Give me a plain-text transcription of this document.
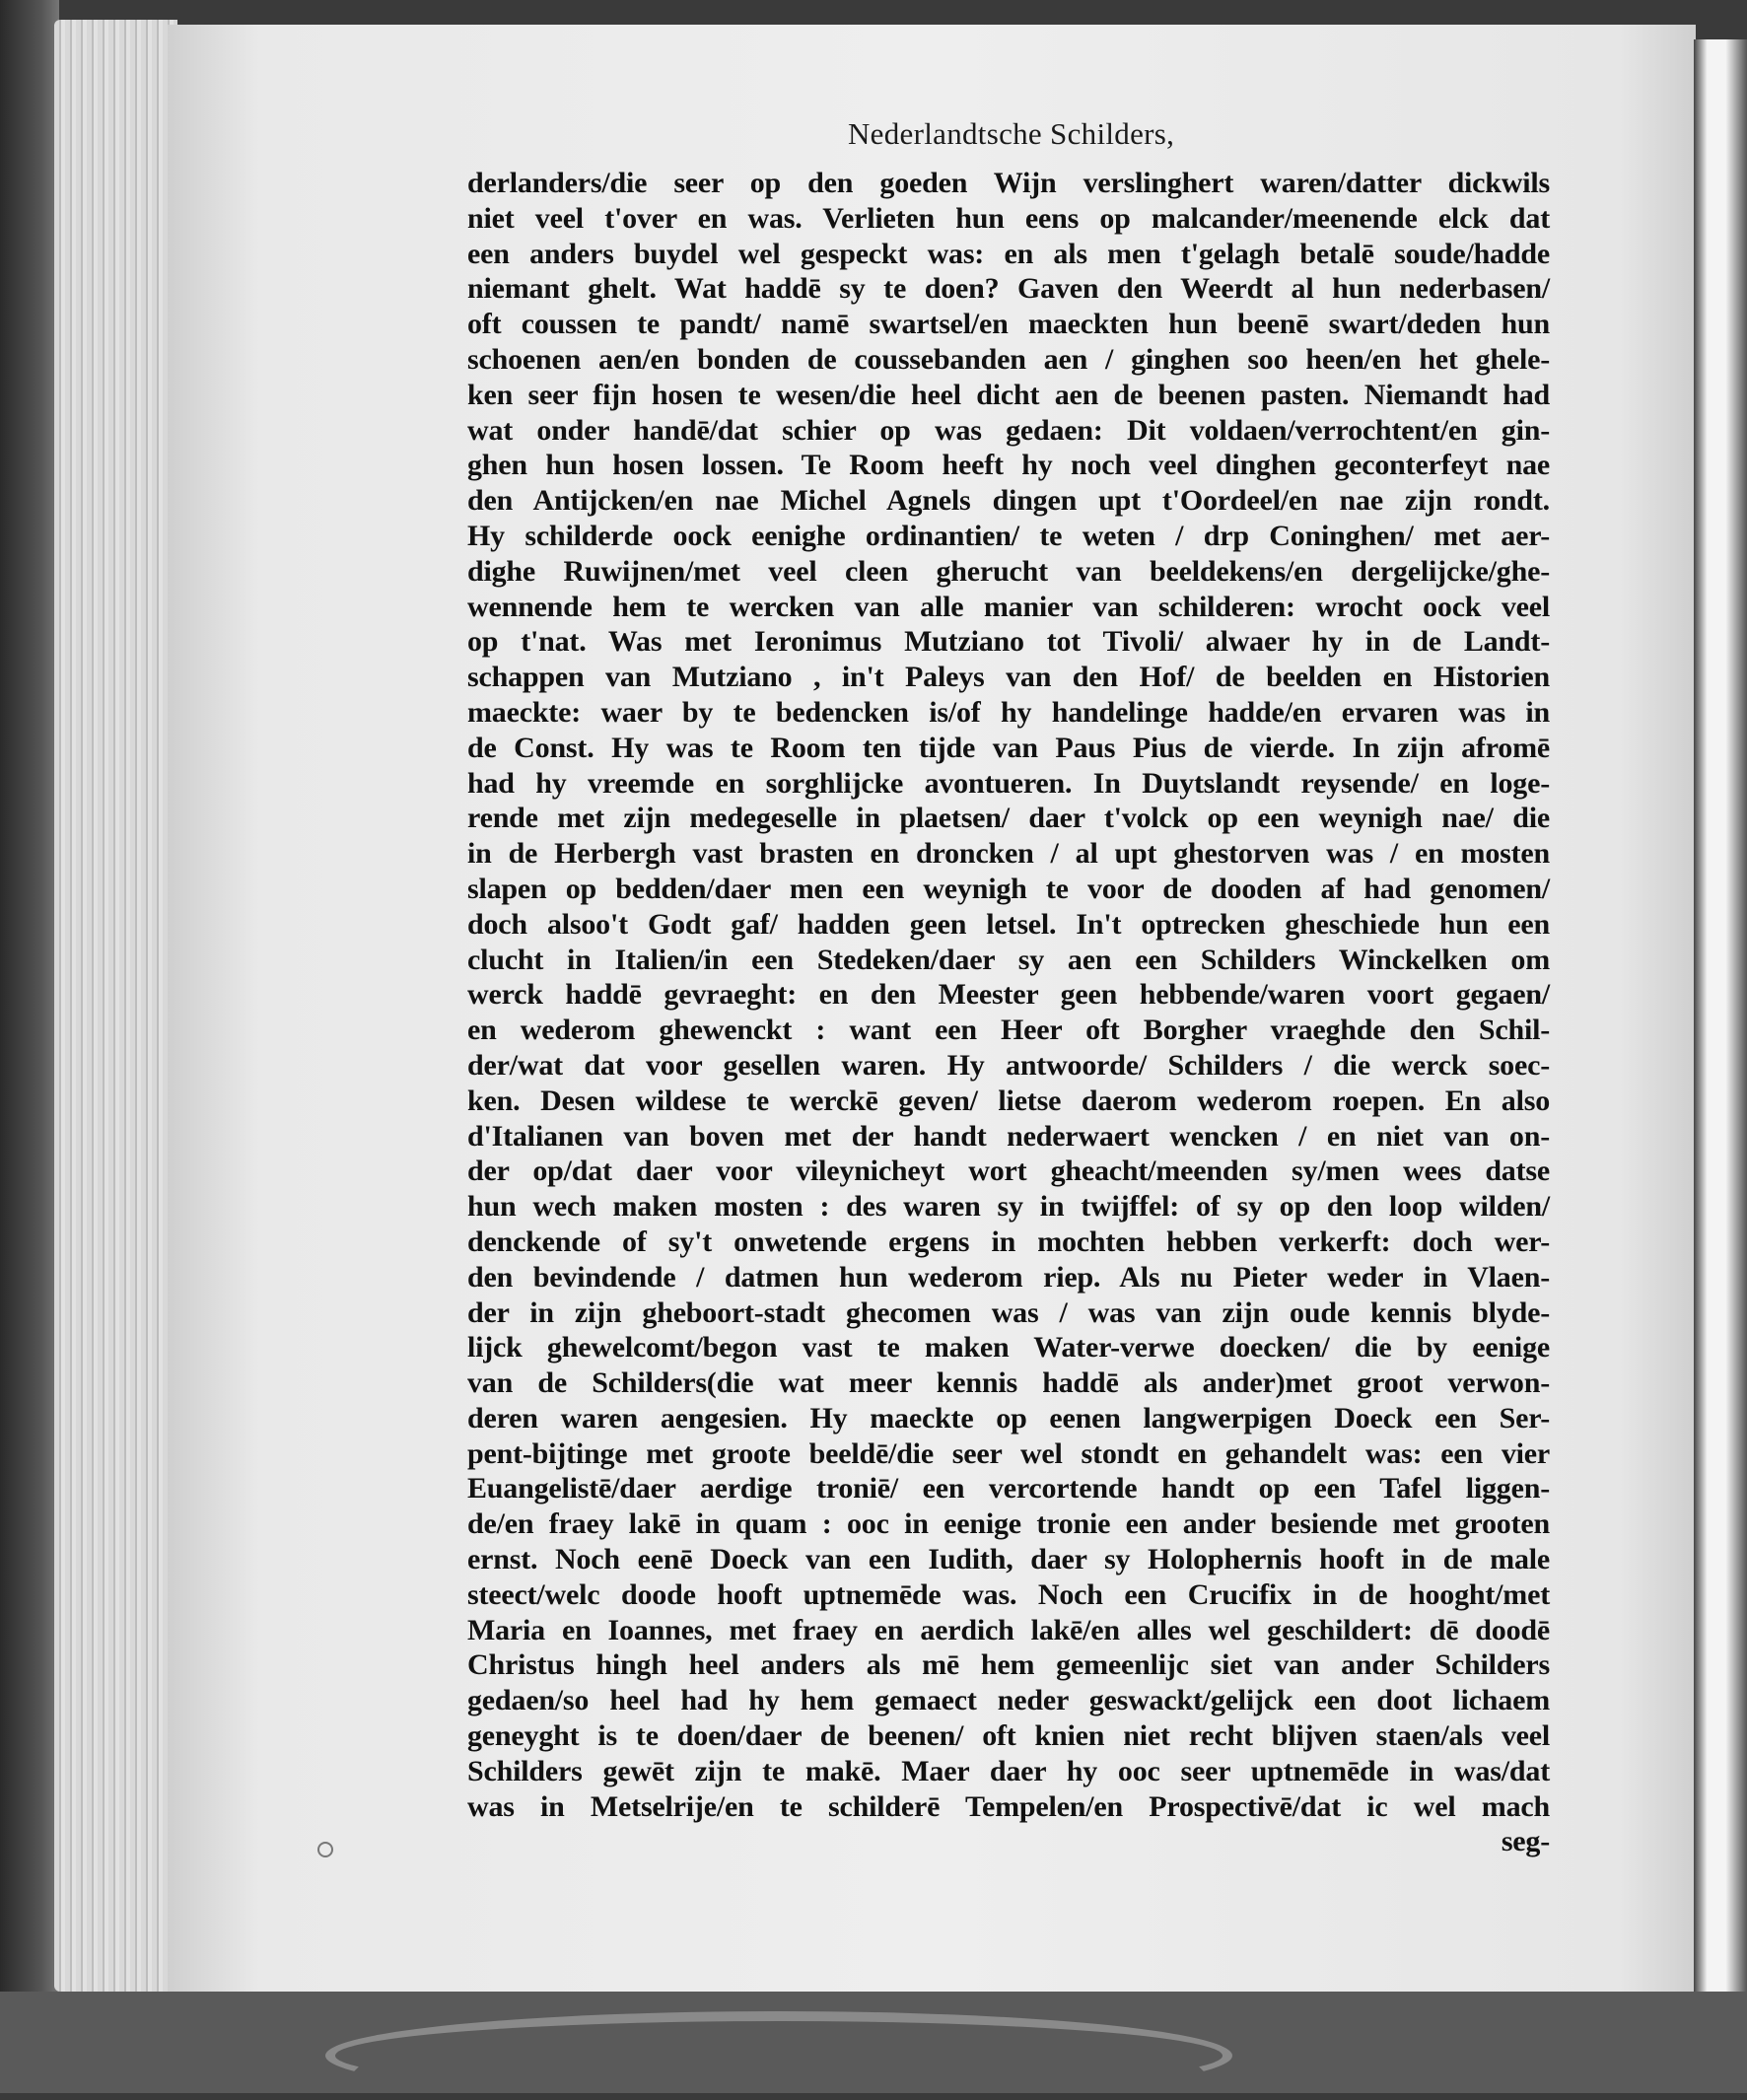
Nederlandtsche Schilders,
derlanders/die seer op den goeden Wijn verslinghert waren/datter dickwils
niet veel t'over en was. Verlieten hun eens op malcander/meenende elck dat
een anders buydel wel gespeckt was: en als men t'gelagh betalē soude/hadde
niemant ghelt. Wat haddē sy te doen? Gaven den Weerdt al hun nederbasen/
oft coussen te pandt/ namē swartsel/en maeckten hun beenē swart/deden hun
schoenen aen/en bonden de coussebanden aen / ginghen soo heen/en het ghele-
ken seer fijn hosen te wesen/die heel dicht aen de beenen pasten. Niemandt had
wat onder handē/dat schier op was gedaen: Dit voldaen/verrochtent/en gin-
ghen hun hosen lossen. Te Room heeft hy noch veel dinghen geconterfeyt nae
den Antijcken/en nae Michel Agnels dingen upt t'Oordeel/en nae zijn rondt.
Hy schilderde oock eenighe ordinantien/ te weten / drp Coninghen/ met aer-
dighe Ruwijnen/met veel cleen gherucht van beeldekens/en dergelijcke/ghe-
wennende hem te wercken van alle manier van schilderen: wrocht oock veel
op t'nat. Was met Ieronimus Mutziano tot Tivoli/ alwaer hy in de Landt-
schappen van Mutziano , in't Paleys van den Hof/ de beelden en Historien
maeckte: waer by te bedencken is/of hy handelinge hadde/en ervaren was in
de Const. Hy was te Room ten tijde van Paus Pius de vierde. In zijn afromē
had hy vreemde en sorghlijcke avontueren. In Duytslandt reysende/ en loge-
rende met zijn medegeselle in plaetsen/ daer t'volck op een weynigh nae/ die
in de Herbergh vast brasten en droncken / al upt ghestorven was / en mosten
slapen op bedden/daer men een weynigh te voor de dooden af had genomen/
doch alsoo't Godt gaf/ hadden geen letsel. In't optrecken gheschiede hun een
clucht in Italien/in een Stedeken/daer sy aen een Schilders Winckelken om
werck haddē gevraeght: en den Meester geen hebbende/waren voort gegaen/
en wederom ghewenckt : want een Heer oft Borgher vraeghde den Schil-
der/wat dat voor gesellen waren. Hy antwoorde/ Schilders / die werck soec-
ken. Desen wildese te werckē geven/ lietse daerom wederom roepen. En also
d'Italianen van boven met der handt nederwaert wencken / en niet van on-
der op/dat daer voor vileynicheyt wort gheacht/meenden sy/men wees datse
hun wech maken mosten : des waren sy in twijffel: of sy op den loop wilden/
denckende of sy't onwetende ergens in mochten hebben verkerft: doch wer-
den bevindende / datmen hun wederom riep. Als nu Pieter weder in Vlaen-
der in zijn gheboort-stadt ghecomen was / was van zijn oude kennis blyde-
lijck ghewelcomt/begon vast te maken Water-verwe doecken/ die by eenige
van de Schilders(die wat meer kennis haddē als ander)met groot verwon-
deren waren aengesien. Hy maeckte op eenen langwerpigen Doeck een Ser-
pent-bijtinge met groote beeldē/die seer wel stondt en gehandelt was: een vier
Euangelistē/daer aerdige troniē/ een vercortende handt op een Tafel liggen-
de/en fraey lakē in quam : ooc in eenige tronie een ander besiende met grooten
ernst. Noch eenē Doeck van een Iudith, daer sy Holophernis hooft in de male
steect/welc doode hooft uptnemēde was. Noch een Crucifix in de hooght/met
Maria en Ioannes, met fraey en aerdich lakē/en alles wel geschildert: dē doodē
Christus hingh heel anders als mē hem gemeenlijc siet van ander Schilders
gedaen/so heel had hy hem gemaect neder geswackt/gelijck een doot lichaem
geneyght is te doen/daer de beenen/ oft knien niet recht blijven staen/als veel
Schilders gewēt zijn te makē. Maer daer hy ooc seer uptnemēde in was/dat
was in Metselrije/en te schilderē Tempelen/en Prospectivē/dat ic wel mach
seg-
